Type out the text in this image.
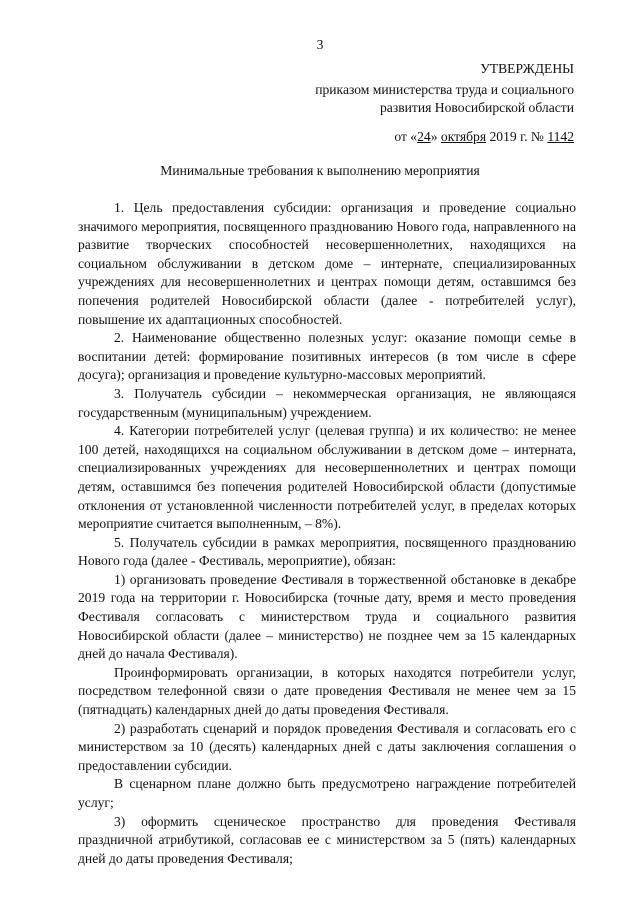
3
УТВЕРЖДЕНЫ
приказом министерства труда и социального
развития Новосибирской области
от «24» октября 2019 г. № 1142
Минимальные требования к выполнению мероприятия

1. Цель предоставления субсидии: организация и проведение социально значимого мероприятия, посвященного празднованию Нового года, направленного на развитие творческих способностей несовершеннолетних, находящихся на социальном обслуживании в детском доме – интернате, специализированных учреждениях для несовершеннолетних и центрах помощи детям, оставшимся без попечения родителей Новосибирской области (далее - потребителей услуг), повышение их адаптационных способностей.

2. Наименование общественно полезных услуг: оказание помощи семье в воспитании детей: формирование позитивных интересов (в том числе в сфере досуга); организация и проведение культурно-массовых мероприятий.

3. Получатель субсидии – некоммерческая организация, не являющаяся государственным (муниципальным) учреждением.

4. Категории потребителей услуг (целевая группа) и их количество: не менее 100 детей, находящихся на социальном обслуживании в детском доме – интерната, специализированных учреждениях для несовершеннолетних и центрах помощи детям, оставшимся без попечения родителей Новосибирской области (допустимые отклонения от установленной численности потребителей услуг, в пределах которых мероприятие считается выполненным, – 8%).

5. Получатель субсидии в рамках мероприятия, посвященного празднованию Нового года (далее - Фестиваль, мероприятие), обязан:

1) организовать проведение Фестиваля в торжественной обстановке в декабре 2019 года на территории г. Новосибирска (точные дату, время и место проведения Фестиваля согласовать с министерством труда и социального развития Новосибирской области (далее – министерство) не позднее чем за 15 календарных дней до начала Фестиваля).

Проинформировать организации, в которых находятся потребители услуг, посредством телефонной связи о дате проведения Фестиваля не менее чем за 15 (пятнадцать) календарных дней до даты проведения Фестиваля.

2) разработать сценарий и порядок проведения Фестиваля и согласовать его с министерством за 10 (десять) календарных дней с даты заключения соглашения о предоставлении субсидии.

В сценарном плане должно быть предусмотрено награждение потребителей услуг;

3) оформить сценическое пространство для проведения Фестиваля праздничной атрибутикой, согласовав ее с министерством за 5 (пять) календарных дней до даты проведения Фестиваля;
